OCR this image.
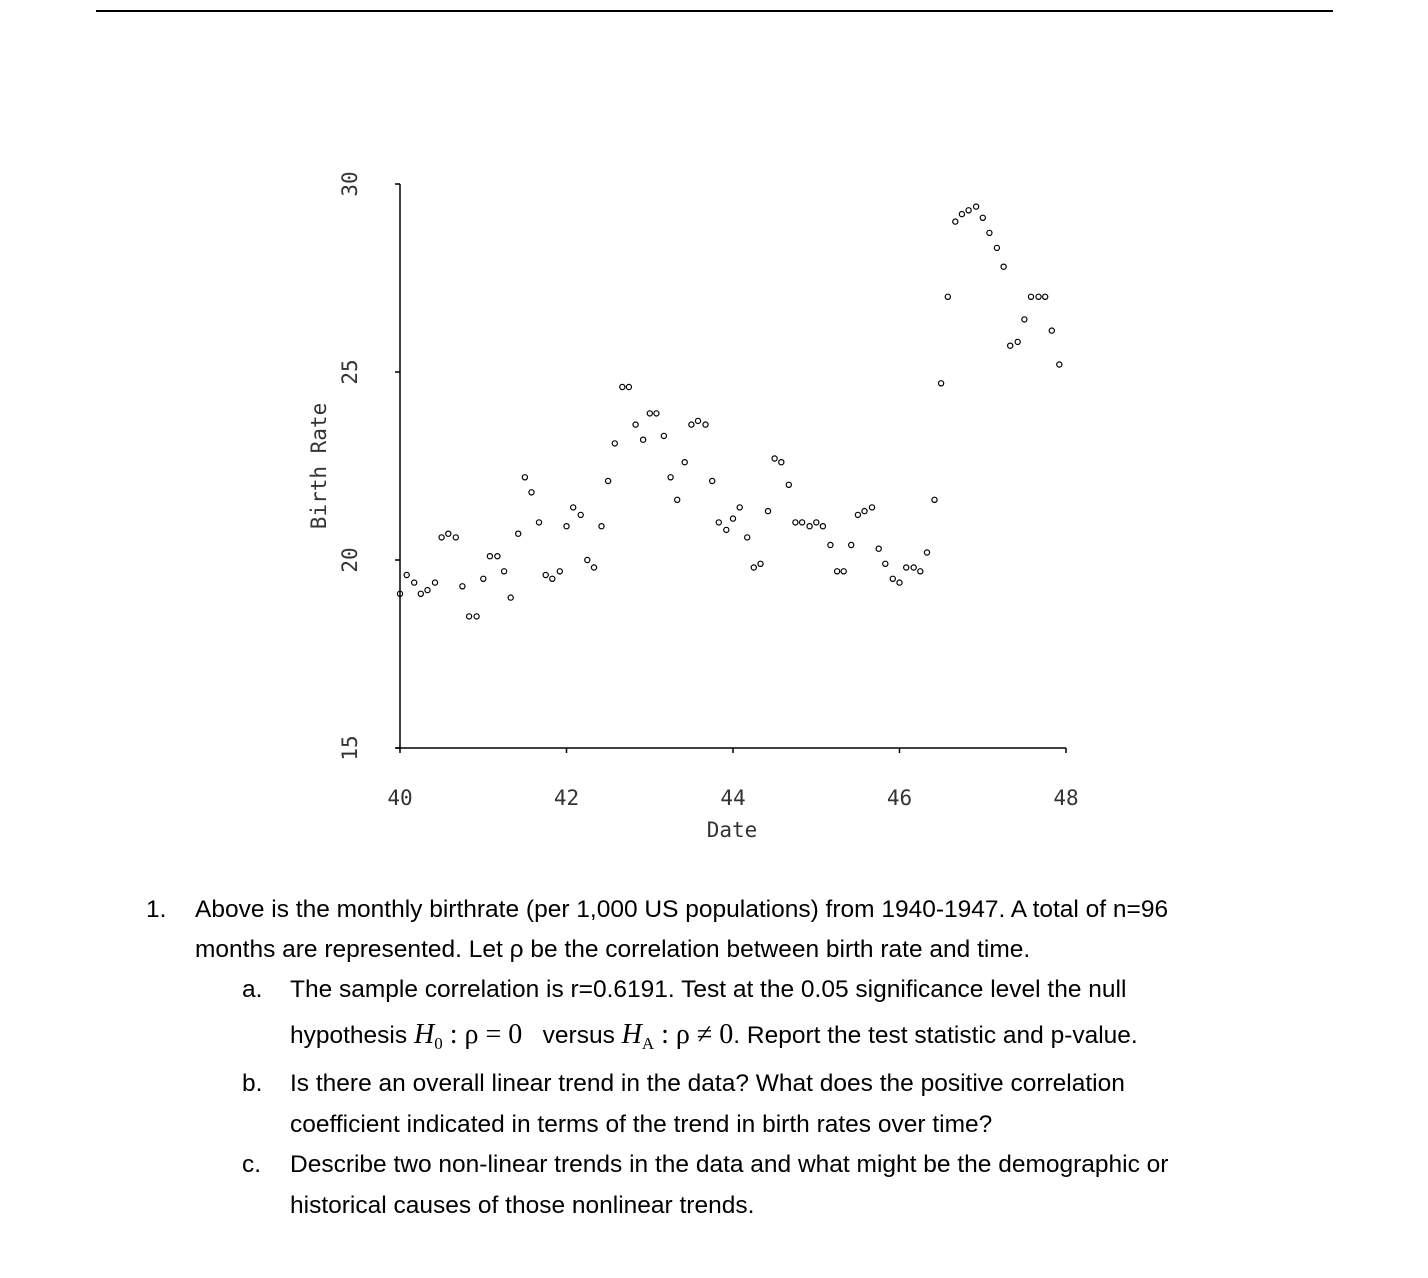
40	42	44	46	48
15
20
25
30
Date
Birth Rate
1. Above is the monthly birthrate (per 1,000 US populations) from 1940-1947. A total of n=96
months are represented. Let ρ be the correlation between birth rate and time.
a. The sample correlation is r=0.6191. Test at the 0.05 significance level the null
hypothesis $H_0$ : ρ = 0 versus $H_A$ : ρ ≠ 0. Report the test statistic and p-value.
b. Is there an overall linear trend in the data? What does the positive correlation
coefficient indicated in terms of the trend in birth rates over time?
c. Describe two non-linear trends in the data and what might be the demographic or
historical causes of those nonlinear trends.
